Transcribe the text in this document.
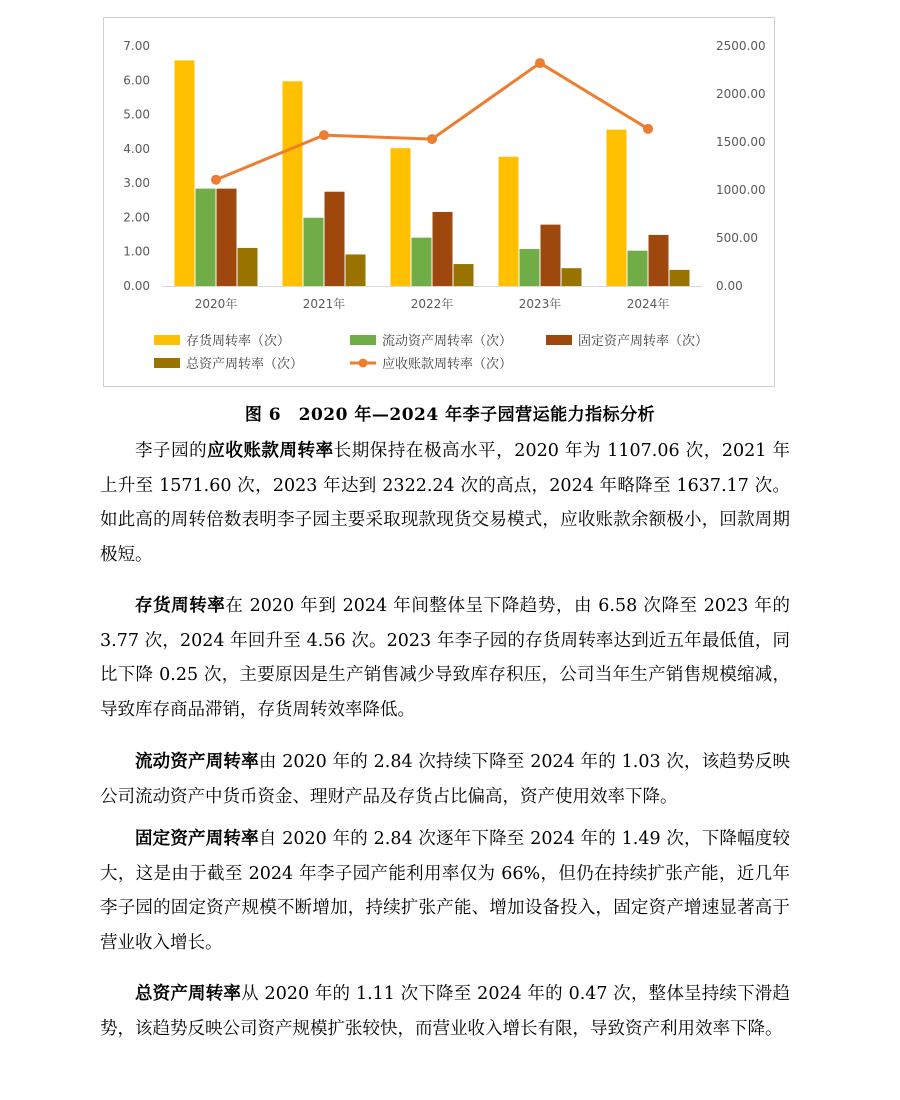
0.00
1.00
2.00
3.00
4.00
5.00
6.00
7.00
0.00
500.00
1000.00
1500.00
2000.00
2500.00
2020年	2021年	2022年	2023年	2024年
存货周转率（次）	流动资产周转率（次）	固定资产周转率（次）
总资产周转率（次）	应收账款周转率（次）
图 6　2020 年—2024 年李子园营运能力指标分析

李子园的应收账款周转率长期保持在极高水平，2020 年为 1107.06 次，2021 年上升至 1571.60 次，2023 年达到 2322.24 次的高点，2024 年略降至 1637.17 次。如此高的周转倍数表明李子园主要采取现款现货交易模式，应收账款余额极小，回款周期极短。

存货周转率在 2020 年到 2024 年间整体呈下降趋势，由 6.58 次降至 2023 年的 3.77 次，2024 年回升至 4.56 次。2023 年李子园的存货周转率达到近五年最低值，同比下降 0.25 次，主要原因是生产销售减少导致库存积压，公司当年生产销售规模缩减，导致库存商品滞销，存货周转效率降低。

流动资产周转率由 2020 年的 2.84 次持续下降至 2024 年的 1.03 次，该趋势反映公司流动资产中货币资金、理财产品及存货占比偏高，资产使用效率下降。

固定资产周转率自 2020 年的 2.84 次逐年下降至 2024 年的 1.49 次，下降幅度较大，这是由于截至 2024 年李子园产能利用率仅为 66%，但仍在持续扩张产能，近几年李子园的固定资产规模不断增加，持续扩张产能、增加设备投入，固定资产增速显著高于营业收入增长。

总资产周转率从 2020 年的 1.11 次下降至 2024 年的 0.47 次，整体呈持续下滑趋势，该趋势反映公司资产规模扩张较快，而营业收入增长有限，导致资产利用效率下降。
